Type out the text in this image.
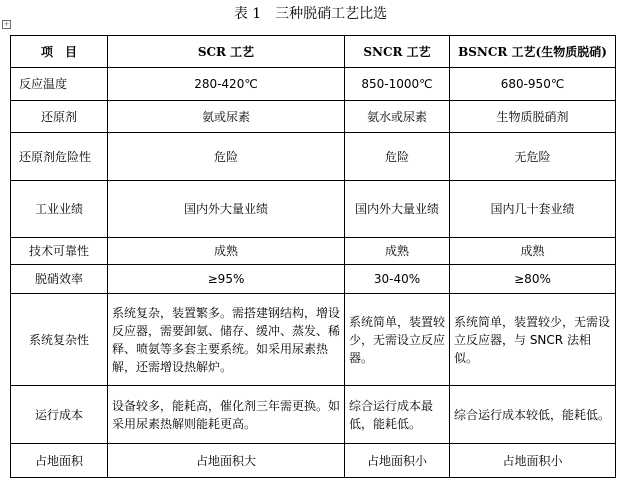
表 1 三种脱硝工艺比选
+
项　目	SCR 工艺	SNCR 工艺	BSNCR 工艺(生物质脱硝)
反应温度	280-420℃	850-1000℃	680-950℃
还原剂	氨或尿素	氨水或尿素	生物质脱硝剂
还原剂危险性	危险	危险	无危险
工业业绩	国内外大量业绩	国内外大量业绩	国内几十套业绩
技术可靠性	成熟	成熟	成熟
脱硝效率	≥95%	30-40%	≥80%
系统复杂性	系统复杂，装置繁多。需搭建钢结构，增设反应器，需要卸氨、储存、缓冲、蒸发、稀释、喷氨等多套主要系统。如采用尿素热解，还需增设热解炉。	系统简单，装置较少，无需设立反应器。	系统简单，装置较少，无需设立反应器，与 SNCR 法相似。
运行成本	设备较多，能耗高，催化剂三年需更换。如采用尿素热解则能耗更高。	综合运行成本最低，能耗低。	综合运行成本较低，能耗低。
占地面积	占地面积大	占地面积小	占地面积小
